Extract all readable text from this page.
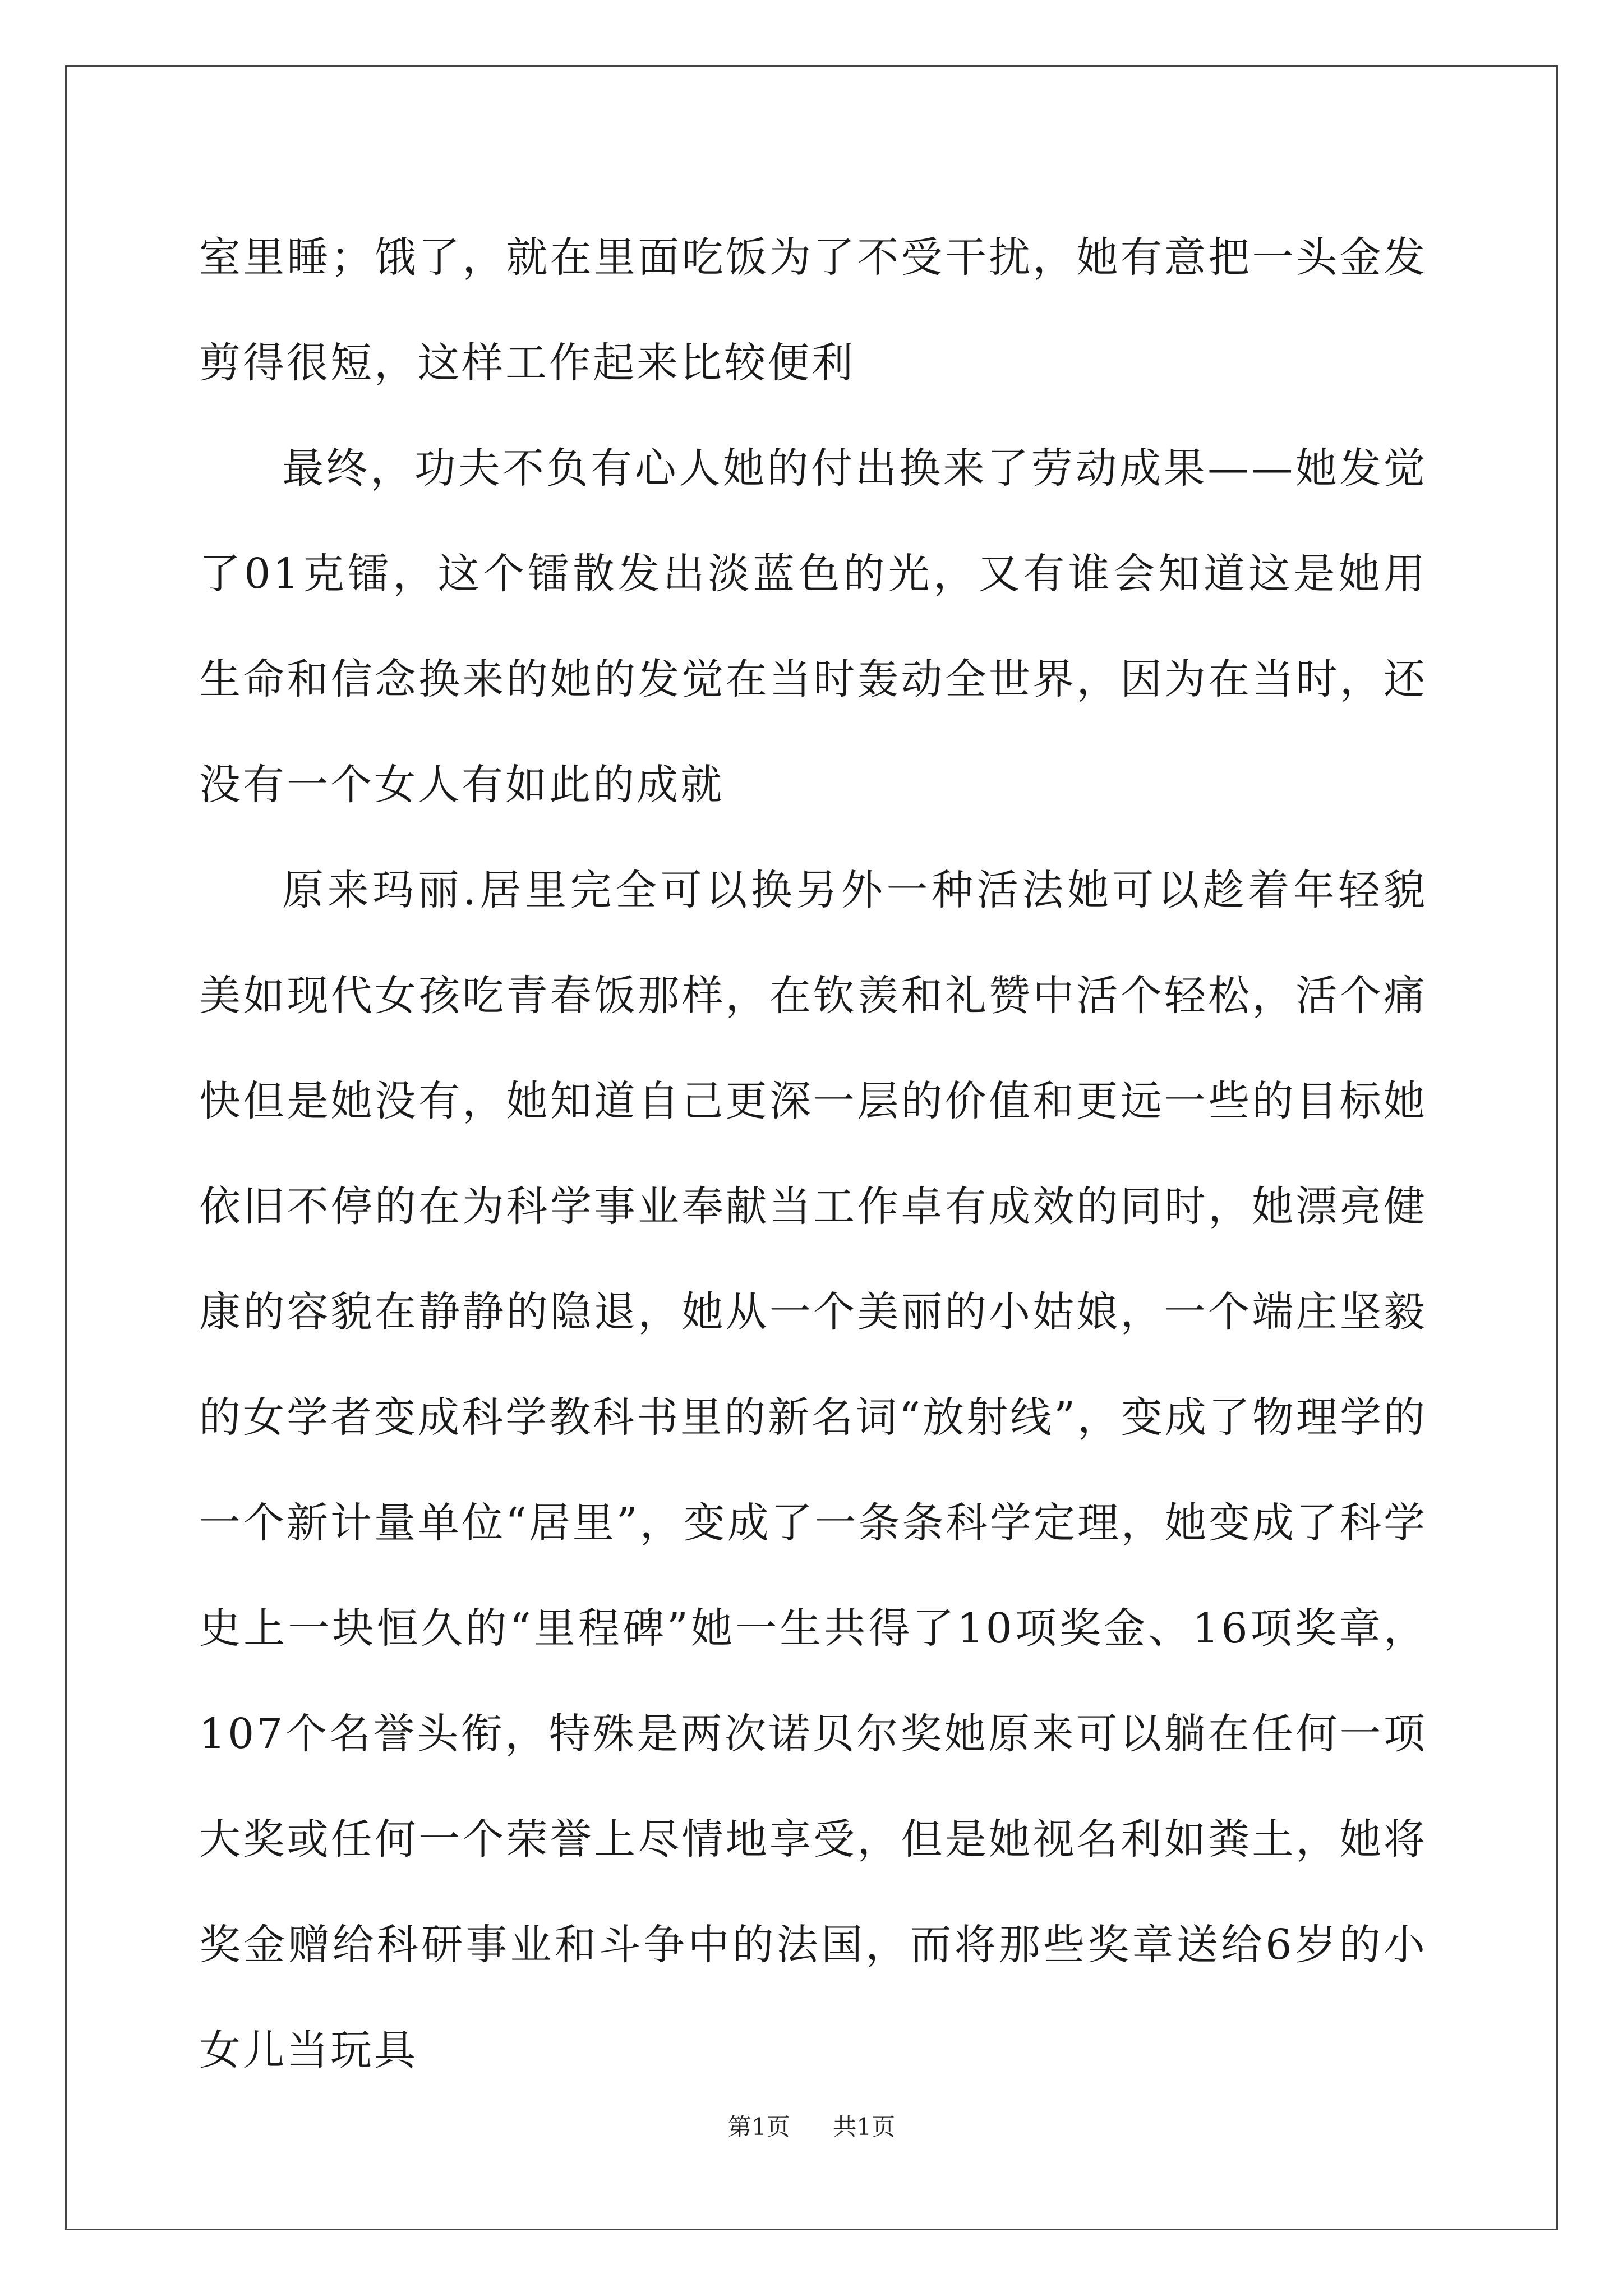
室里睡；饿了，就在里面吃饭为了不受干扰，她有意把一头金发剪得很短，这样工作起来比较便利

最终，功夫不负有心人她的付出换来了劳动成果——她发觉了01克镭，这个镭散发出淡蓝色的光，又有谁会知道这是她用生命和信念换来的她的发觉在当时轰动全世界，因为在当时，还没有一个女人有如此的成就

原来玛丽.居里完全可以换另外一种活法她可以趁着年轻貌美如现代女孩吃青春饭那样，在钦羡和礼赞中活个轻松，活个痛快但是她没有，她知道自己更深一层的价值和更远一些的目标她依旧不停的在为科学事业奉献当工作卓有成效的同时，她漂亮健康的容貌在静静的隐退，她从一个美丽的小姑娘，一个端庄坚毅的女学者变成科学教科书里的新名词“放射线”，变成了物理学的一个新计量单位“居里”，变成了一条条科学定理，她变成了科学史上一块恒久的“里程碑”她一生共得了10项奖金、16项奖章，107个名誉头衔，特殊是两次诺贝尔奖她原来可以躺在任何一项大奖或任何一个荣誉上尽情地享受，但是她视名利如粪土，她将奖金赠给科研事业和斗争中的法国，而将那些奖章送给6岁的小女儿当玩具

第1页 共1页
